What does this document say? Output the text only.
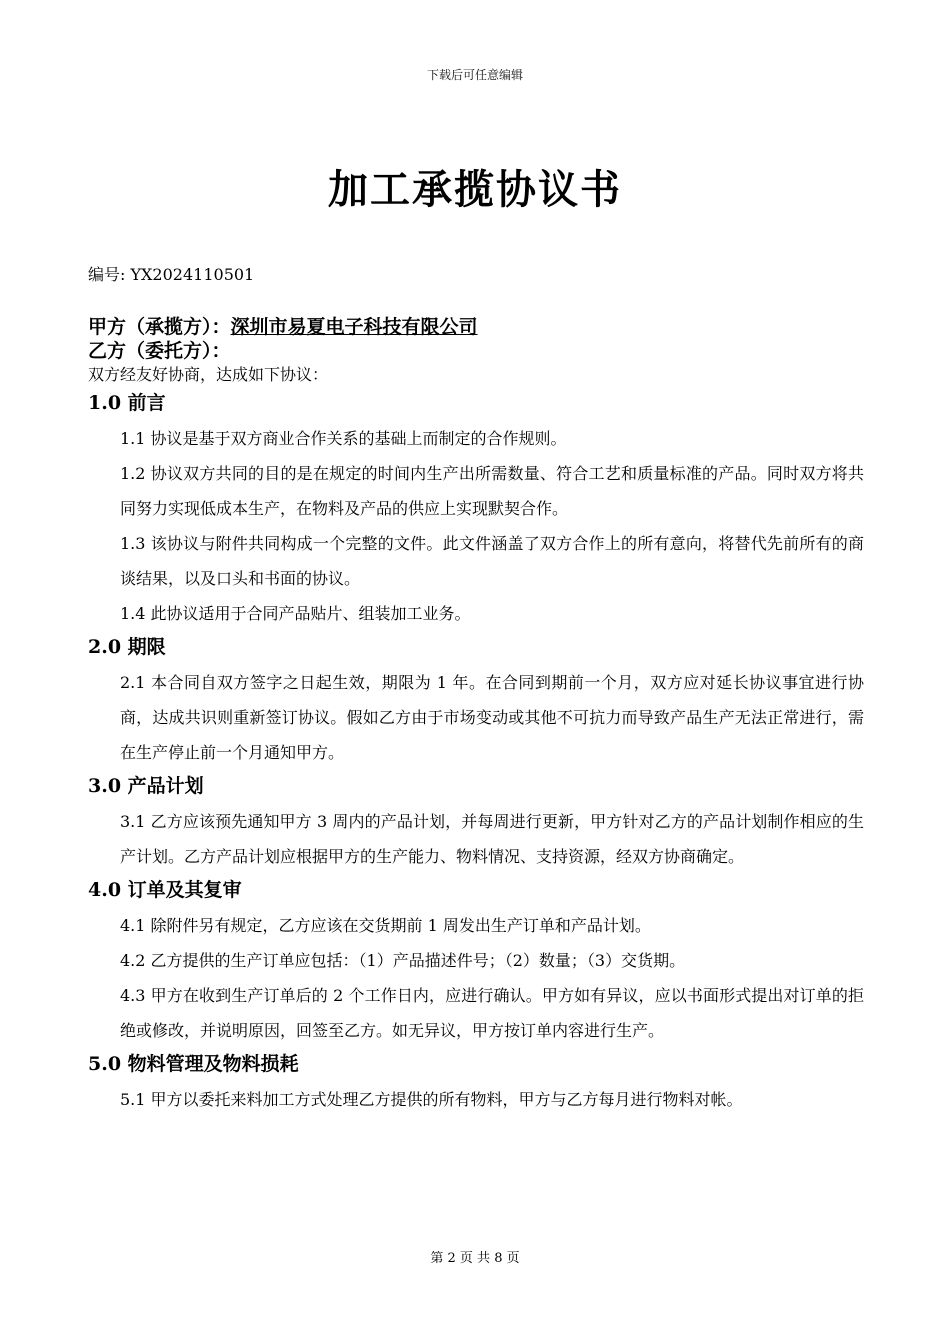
下载后可任意编辑
加工承揽协议书

编号: YX2024110501

甲方（承揽方）：深圳市易夏电子科技有限公司

乙方（委托方）：

双方经友好协商，达成如下协议：

1.0 前言

1.1 协议是基于双方商业合作关系的基础上而制定的合作规则。

1.2 协议双方共同的目的是在规定的时间内生产出所需数量、符合工艺和质量标准的产品。同时双方将共同努力实现低成本生产，在物料及产品的供应上实现默契合作。

1.3 该协议与附件共同构成一个完整的文件。此文件涵盖了双方合作上的所有意向，将替代先前所有的商谈结果，以及口头和书面的协议。

1.4 此协议适用于合同产品贴片、组装加工业务。

2.0 期限

2.1 本合同自双方签字之日起生效，期限为 1 年。在合同到期前一个月，双方应对延长协议事宜进行协商，达成共识则重新签订协议。假如乙方由于市场变动或其他不可抗力而导致产品生产无法正常进行，需在生产停止前一个月通知甲方。

3.0 产品计划

3.1 乙方应该预先通知甲方 3 周内的产品计划，并每周进行更新，甲方针对乙方的产品计划制作相应的生产计划。乙方产品计划应根据甲方的生产能力、物料情况、支持资源，经双方协商确定。

4.0 订单及其复审

4.1 除附件另有规定，乙方应该在交货期前 1 周发出生产订单和产品计划。

4.2 乙方提供的生产订单应包括：（1）产品描述件号；（2）数量；（3）交货期。

4.3 甲方在收到生产订单后的 2 个工作日内，应进行确认。甲方如有异议，应以书面形式提出对订单的拒绝或修改，并说明原因，回签至乙方。如无异议，甲方按订单内容进行生产。

5.0 物料管理及物料损耗

5.1 甲方以委托来料加工方式处理乙方提供的所有物料，甲方与乙方每月进行物料对帐。

第 2 页 共 8 页
